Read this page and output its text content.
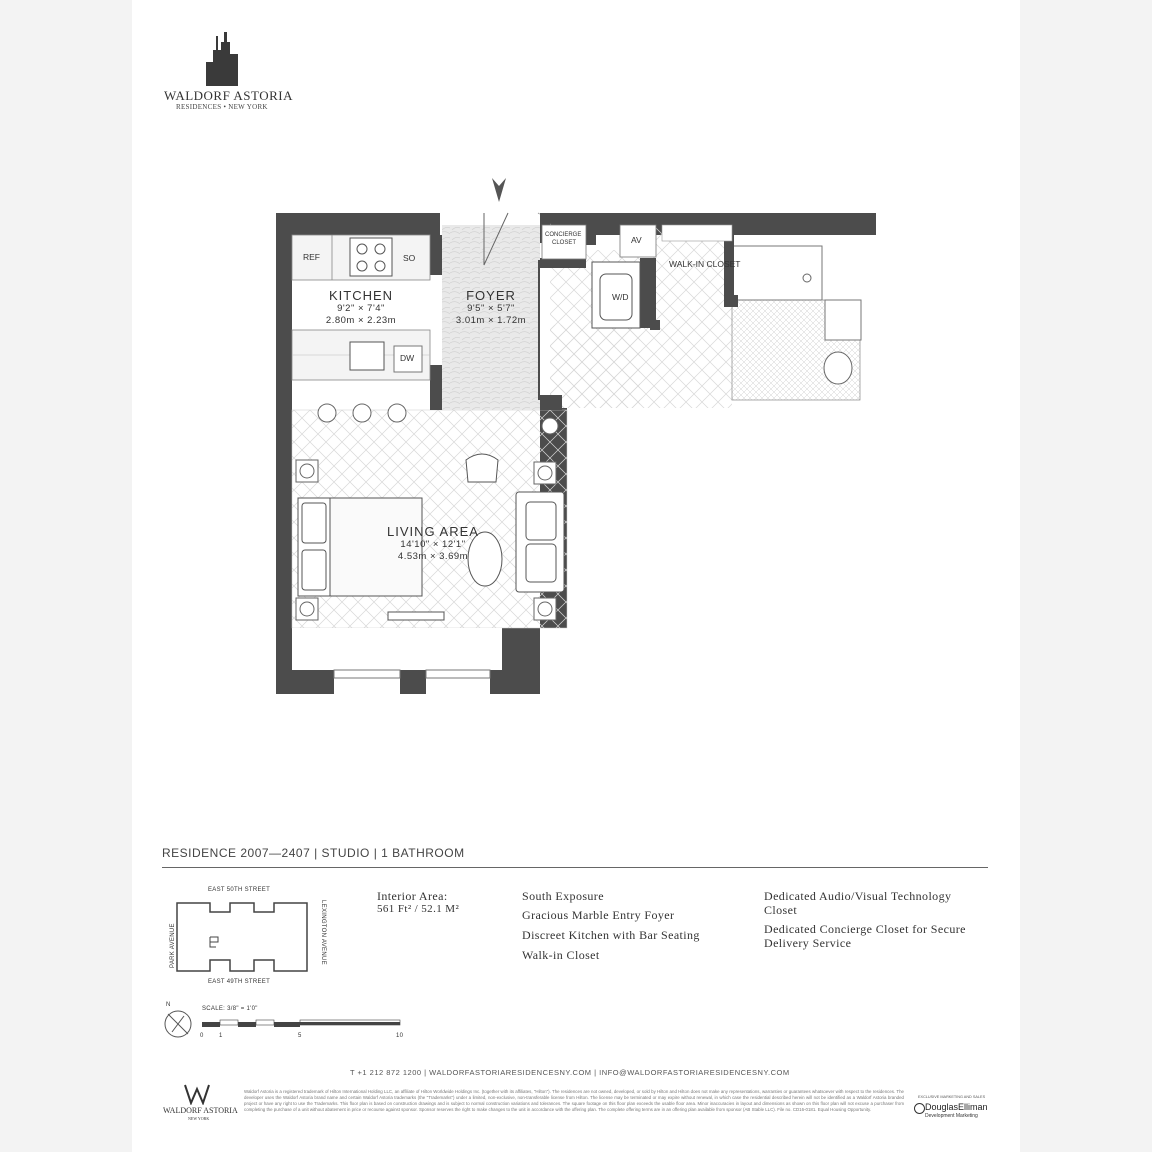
WALDORF ASTORIA
RESIDENCES • NEW YORK
KITCHEN
9'2" × 7'4"
2.80m × 2.23m
FOYER
9'5" × 5'7"
3.01m × 1.72m
LIVING AREA
14'10" × 12'1"
4.53m × 3.69m
REF	SO
DW
W/D
AV
CONCIERGE
CLOSET
WALK-IN CLOSET
RESIDENCE 2007—2407 | STUDIO | 1 BATHROOM
EAST 50TH STREET
EAST 49TH STREET
PARK AVENUE	LEXINGTON AVENUE
N
SCALE: 3/8" = 1'0"
0	1	5	10
Interior Area:
561 Ft² / 52.1 M²
South Exposure
Gracious Marble Entry Foyer
Discreet Kitchen with Bar Seating
Walk-in Closet
Dedicated Audio/Visual Technology Closet
Dedicated Concierge Closet for Secure Delivery Service
T +1 212 872 1200 | WALDORFASTORIARESIDENCESNY.COM | INFO@WALDORFASTORIARESIDENCESNY.COM
WALDORF ASTORIA
NEW YORK
Waldorf Astoria is a registered trademark of Hilton International Holding LLC, an affiliate of Hilton Worldwide Holdings Inc. (together with its affiliates, "Hilton"). The residences are not owned, developed, or sold by Hilton and Hilton does not make any representations, warranties or guarantees whatsoever with respect to the residences. The developer uses the Waldorf Astoria brand name and certain Waldorf Astoria trademarks (the "Trademarks") under a limited, non-exclusive, non-transferable license from Hilton. The license may be terminated or may expire without renewal, in which case the residential described herein will not be identified as a Waldorf Astoria branded project or have any right to use the Trademarks. This floor plan is based on construction drawings and is subject to normal construction variations and tolerances. The square footage on this floor plan exceeds the usable floor area. Minor inaccuracies in layout and dimensions as shown on this floor plan will not excuse a purchaser from completing the purchase of a unit without abatement in price or recourse against sponsor. Sponsor reserves the right to make changes to the unit in accordance with the offering plan. The complete offering terms are in an offering plan available from sponsor (AB Stable LLC). File no. CD16-0181. Equal Housing Opportunity.
EXCLUSIVE MARKETING AND SALES
DouglasElliman
Development Marketing
